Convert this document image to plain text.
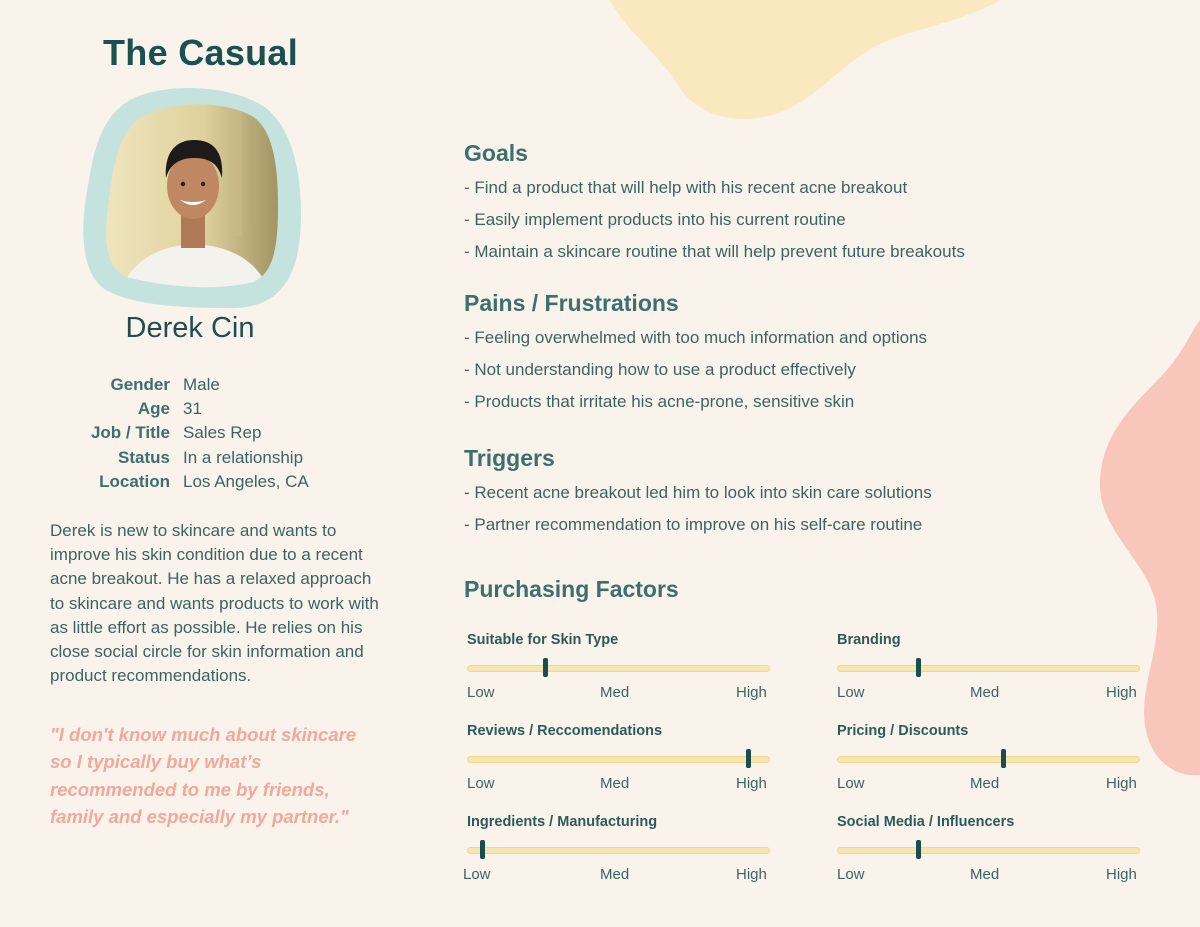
The Casual
Derek Cin
Gender Male
Age 31
Job / Title Sales Rep
Status In a relationship
Location Los Angeles, CA
Derek is new to skincare and wants to
improve his skin condition due to a recent
acne breakout. He has a relaxed approach
to skincare and wants products to work with
as little effort as possible. He relies on his
close social circle for skin information and
product recommendations.
"I don't know much about skincare
so I typically buy what’s
recommended to me by friends,
family and especially my partner."
Goals
- Find a product that will help with his recent acne breakout
- Easily implement products into his current routine
- Maintain a skincare routine that will help prevent future breakouts
Pains / Frustrations
- Feeling overwhelmed with too much information and options
- Not understanding how to use a product effectively
- Products that irritate his acne-prone, sensitive skin
Triggers
- Recent acne breakout led him to look into skin care solutions
- Partner recommendation to improve on his self-care routine
Purchasing Factors
Suitable for Skin Type
Low	Med	High
Branding
Low	Med	High
Reviews / Reccomendations
Low	Med	High
Pricing / Discounts
Low	Med	High
Ingredients / Manufacturing
Low	Med	High
Social Media / Influencers
Low	Med	High
